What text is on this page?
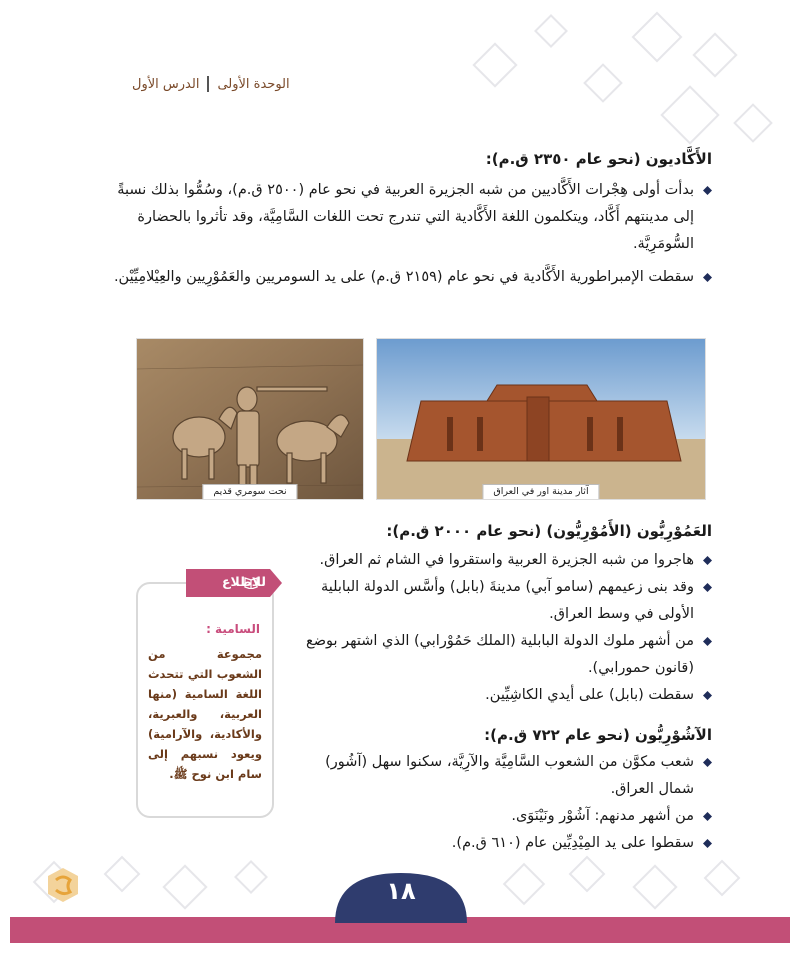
الوحدة الأولى
الدرس الأول
الأَكَّاديون (نحو عام ٢٣٥٠ ق.م):
بدأت أولى هِجْرات الأَكَّاديين من شبه الجزيرة العربية في نحو عام (٢٥٠٠ ق.م)، وسُمُّوا بذلك نسبةً إلى مدينتهم أَكَّاد، ويتكلمون اللغة الأَكَّادية التي تندرج تحت اللغات السَّامِيَّة، وقد تأثروا بالحضارة السُّومَرِيَّة.
سقطت الإمبراطورية الأَكَّادية في نحو عام (٢١٥٩ ق.م) على يد السومريين والعَمُوْرِيين والعِيْلامِيِّيْن.
نحت سومري قديم	آثار مدينة اور في العراق
العَمُوْرِيُّون (الأَمُوْرِيُّون) (نحو عام ٢٠٠٠ ق.م):
هاجروا من شبه الجزيرة العربية واستقروا في الشام ثم العراق.
وقد بنى زعيمهم (سامو آبي) مدينةَ (بابل) وأسَّس الدولة البابلية الأولى في وسط العراق.
من أشهر ملوك الدولة البابلية (الملك حَمُوْرابي) الذي اشتهر بوضع (قانون حمورابي).
سقطت (بابل) على أيدي الكاشِيِّين.
الآشُوْرِيُّون (نحو عام ٧٢٢ ق.م):
شعب مكوَّن من الشعوب السَّامِيَّة والآرِيَّة، سكنوا سهل (آشُور) شمال العراق.
من أشهر مدنهم: آشُوْر ونَيْنَوَى.
سقطوا على يد المِيْدِيِّين عام (٦١٠ ق.م).
السامية :
مجموعة من الشعوب التي تتحدث اللغة السامية (منها العربية، والعبرية، والأكادية، والآرامية) ويعود نسبهم إلى سام ابن نوح ﷺ.
للاطلاع
١٨
